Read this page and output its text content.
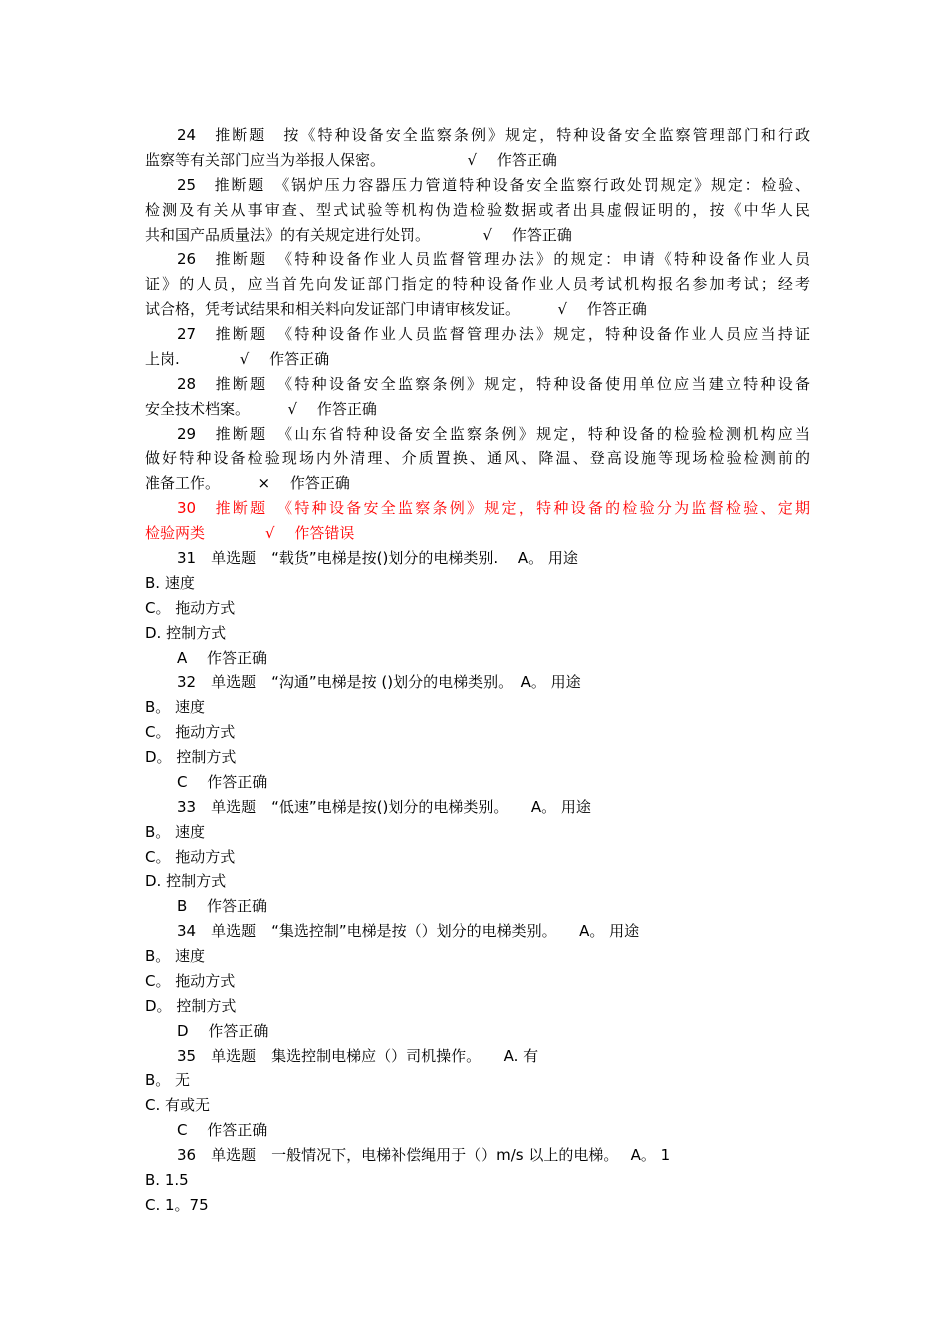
24　推断题　按《特种设备安全监察条例》规定，特种设备安全监察管理部门和行政
监察等有关部门应当为举报人保密。　　　　　　√　 作答正确
25　推断题　《锅炉压力容器压力管道特种设备安全监察行政处罚规定》规定：检验、
检测及有关从事审查、型式试验等机构伪造检验数据或者出具虚假证明的，按《中华人民
共和国产品质量法》的有关规定进行处罚。　　　　√　 作答正确
26　推断题　《特种设备作业人员监督管理办法》的规定：申请《特种设备作业人员
证》的人员，应当首先向发证部门指定的特种设备作业人员考试机构报名参加考试；经考
试合格，凭考试结果和相关料向发证部门申请审核发证。　　　√　 作答正确
27　推断题　《特种设备作业人员监督管理办法》规定，特种设备作业人员应当持证
上岗.　　　　√　 作答正确
28　推断题　《特种设备安全监察条例》规定，特种设备使用单位应当建立特种设备
安全技术档案。　　　√　 作答正确
29　推断题　《山东省特种设备安全监察条例》规定，特种设备的检验检测机构应当
做好特种设备检验现场内外清理、介质置换、通风、降温、登高设施等现场检验检测前的
准备工作。　　　×　 作答正确
30　推断题　《特种设备安全监察条例》规定，特种设备的检验分为监督检验、定期
检验两类　　　　√　 作答错误
31　单选题　“载货”电梯是按()划分的电梯类别.　 A。 用途
B. 速度
C。 拖动方式
D. 控制方式
A　 作答正确
32　单选题　“沟通”电梯是按 ()划分的电梯类别。　A。 用途
B。 速度
C。 拖动方式
D。 控制方式
C　 作答正确
33　单选题　“低速”电梯是按()划分的电梯类别。　　A。 用途
B。 速度
C。 拖动方式
D. 控制方式
B　 作答正确
34　单选题　“集选控制”电梯是按（）划分的电梯类别。　　A。 用途
B。 速度
C。 拖动方式
D。 控制方式
D　 作答正确
35　单选题　集选控制电梯应（）司机操作。　　A. 有
B。 无
C. 有或无
C　 作答正确
36　单选题　一般情况下，电梯补偿绳用于（）m/s 以上的电梯。　 A。 1
B. 1.5
C. 1。75
